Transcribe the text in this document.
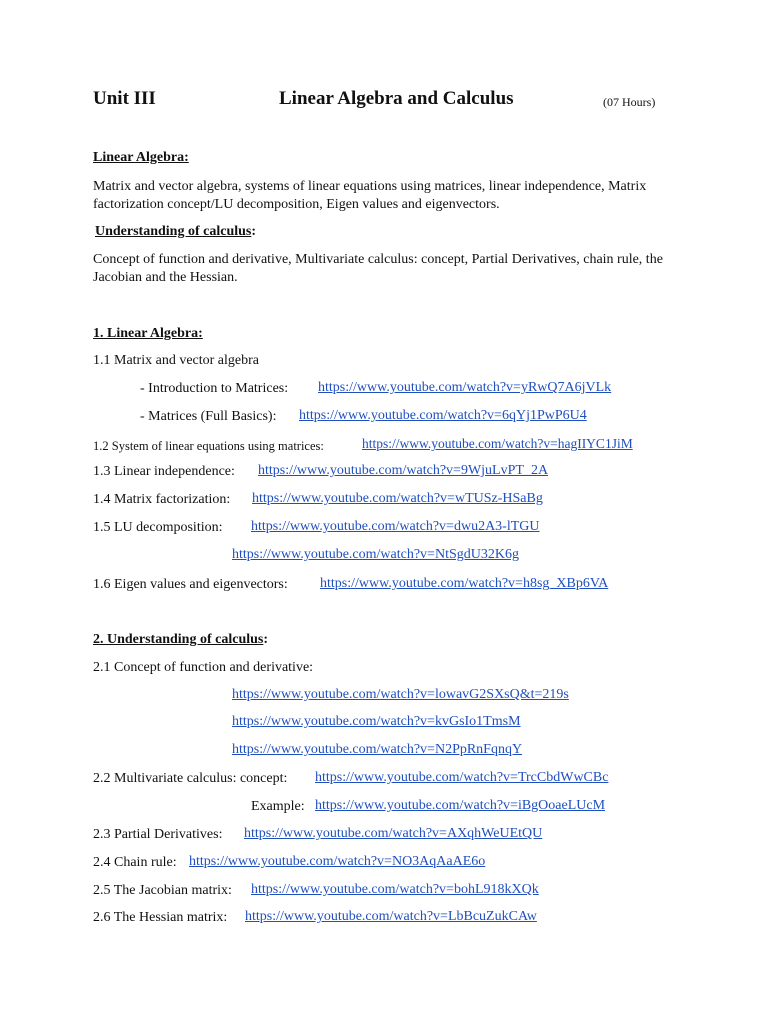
Unit III	Linear Algebra and Calculus	(07 Hours)
Linear Algebra:
Matrix and vector algebra, systems of linear equations using matrices, linear independence, Matrix factorization concept/LU decomposition, Eigen values and eigenvectors.
Understanding of calculus:
Concept of function and derivative, Multivariate calculus: concept, Partial Derivatives, chain rule, the Jacobian and the Hessian.
1. Linear Algebra:
1.1 Matrix and vector algebra
- Introduction to Matrices: https://www.youtube.com/watch?v=yRwQ7A6jVLk
- Matrices (Full Basics): https://www.youtube.com/watch?v=6qYj1PwP6U4
1.2 System of linear equations using matrices:	https://www.youtube.com/watch?v=hagIIYC1JiM
1.3 Linear independence: https://www.youtube.com/watch?v=9WjuLvPT_2A
1.4 Matrix factorization: https://www.youtube.com/watch?v=wTUSz-HSaBg
1.5 LU decomposition: https://www.youtube.com/watch?v=dwu2A3-lTGU
https://www.youtube.com/watch?v=NtSgdU32K6g
1.6 Eigen values and eigenvectors: https://www.youtube.com/watch?v=h8sg_XBp6VA
2. Understanding of calculus:
2.1 Concept of function and derivative:
https://www.youtube.com/watch?v=lowavG2SXsQ&t=219s
https://www.youtube.com/watch?v=kvGsIo1TmsM
https://www.youtube.com/watch?v=N2PpRnFqnqY
2.2 Multivariate calculus: concept: https://www.youtube.com/watch?v=TrcCbdWwCBc
Example: https://www.youtube.com/watch?v=iBgOoaeLUcM
2.3 Partial Derivatives: https://www.youtube.com/watch?v=AXqhWeUEtQU
2.4 Chain rule: https://www.youtube.com/watch?v=NO3AqAaAE6o
2.5 The Jacobian matrix: https://www.youtube.com/watch?v=bohL918kXQk
2.6 The Hessian matrix: https://www.youtube.com/watch?v=LbBcuZukCAw
